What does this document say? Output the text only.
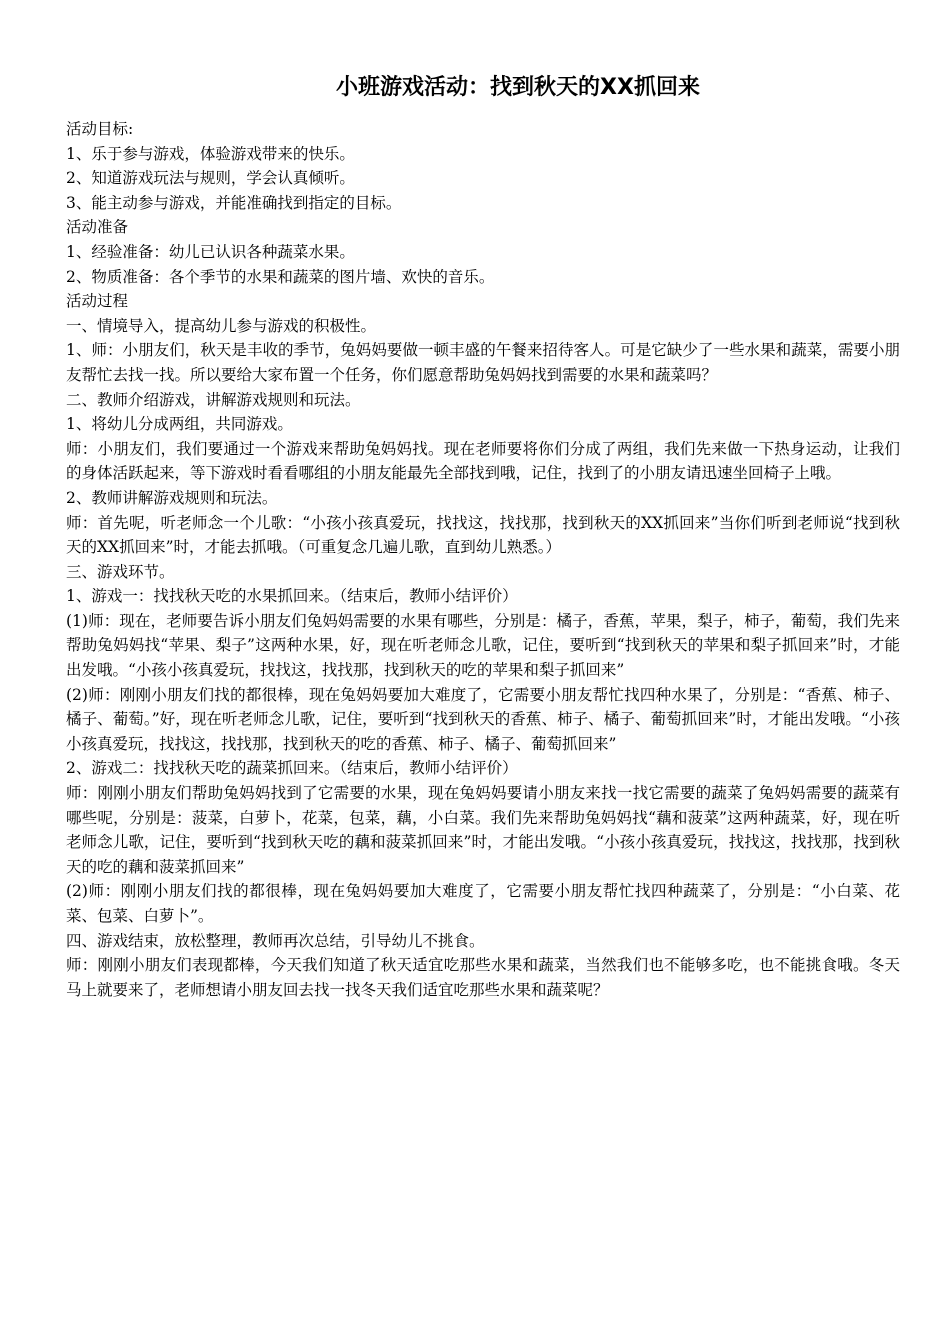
小班游戏活动：找到秋天的XX抓回来

活动目标:

1、乐于参与游戏，体验游戏带来的快乐。

2、知道游戏玩法与规则，学会认真倾听。

3、能主动参与游戏，并能准确找到指定的目标。

活动准备

1、经验准备：幼儿已认识各种蔬菜水果。

2、物质准备：各个季节的水果和蔬菜的图片墙、欢快的音乐。

活动过程

一、情境导入，提高幼儿参与游戏的积极性。

1、师：小朋友们，秋天是丰收的季节，兔妈妈要做一顿丰盛的午餐来招待客人。可是它缺少了一些水果和蔬菜，需要小朋友帮忙去找一找。所以要给大家布置一个任务，你们愿意帮助兔妈妈找到需要的水果和蔬菜吗？

二、教师介绍游戏，讲解游戏规则和玩法。

1、将幼儿分成两组，共同游戏。

师：小朋友们，我们要通过一个游戏来帮助兔妈妈找。现在老师要将你们分成了两组，我们先来做一下热身运动，让我们的身体活跃起来，等下游戏时看看哪组的小朋友能最先全部找到哦，记住，找到了的小朋友请迅速坐回椅子上哦。

2、教师讲解游戏规则和玩法。

师：首先呢，听老师念一个儿歌：“小孩小孩真爱玩，找找这，找找那，找到秋天的XX抓回来”当你们听到老师说“找到秋天的XX抓回来”时，才能去抓哦。（可重复念几遍儿歌，直到幼儿熟悉。）

三、游戏环节。

1、游戏一：找找秋天吃的水果抓回来。（结束后，教师小结评价）

(1)师：现在，老师要告诉小朋友们兔妈妈需要的水果有哪些，分别是：橘子，香蕉，苹果，梨子，柿子，葡萄，我们先来帮助兔妈妈找“苹果、梨子”这两种水果，好，现在听老师念儿歌，记住，要听到“找到秋天的苹果和梨子抓回来”时，才能出发哦。“小孩小孩真爱玩，找找这，找找那，找到秋天的吃的苹果和梨子抓回来”

(2)师：刚刚小朋友们找的都很棒，现在兔妈妈要加大难度了，它需要小朋友帮忙找四种水果了，分别是：“香蕉、柿子、橘子、葡萄。”好，现在听老师念儿歌，记住，要听到“找到秋天的香蕉、柿子、橘子、葡萄抓回来”时，才能出发哦。“小孩小孩真爱玩，找找这，找找那，找到秋天的吃的香蕉、柿子、橘子、葡萄抓回来”

2、游戏二：找找秋天吃的蔬菜抓回来。（结束后，教师小结评价）

师：刚刚小朋友们帮助兔妈妈找到了它需要的水果，现在兔妈妈要请小朋友来找一找它需要的蔬菜了兔妈妈需要的蔬菜有哪些呢，分别是：菠菜，白萝卜，花菜，包菜，藕，小白菜。我们先来帮助兔妈妈找“藕和菠菜”这两种蔬菜，好，现在听老师念儿歌，记住，要听到“找到秋天吃的藕和菠菜抓回来”时，才能出发哦。“小孩小孩真爱玩，找找这，找找那，找到秋天的吃的藕和菠菜抓回来”

(2)师：刚刚小朋友们找的都很棒，现在兔妈妈要加大难度了，它需要小朋友帮忙找四种蔬菜了，分别是：“小白菜、花菜、包菜、白萝卜”。

四、游戏结束，放松整理，教师再次总结，引导幼儿不挑食。

师：刚刚小朋友们表现都棒，今天我们知道了秋天适宜吃那些水果和蔬菜，当然我们也不能够多吃，也不能挑食哦。冬天马上就要来了，老师想请小朋友回去找一找冬天我们适宜吃那些水果和蔬菜呢？
